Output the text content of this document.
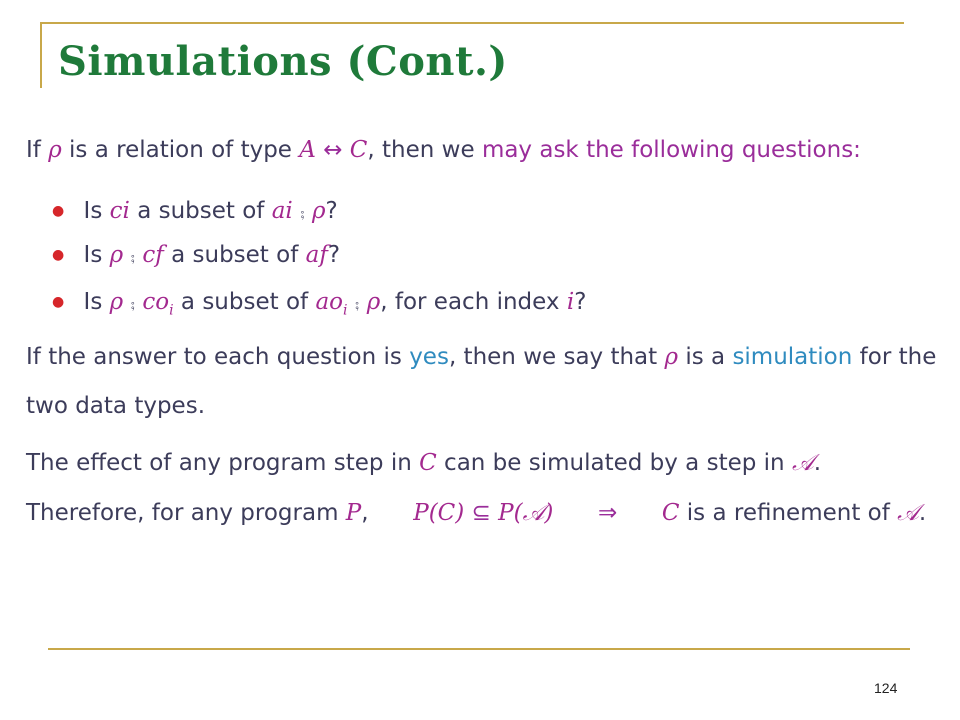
Simulations (Cont.)
If ρ is a relation of type A ↔ C, then we may ask the following questions:
● Is ci a subset of ai ⨾ ρ?
● Is ρ ⨾ cf a subset of af?
● Is ρ ⨾ $co_i$ a subset of $ao_i$ ⨾ ρ, for each index i?
If the answer to each question is yes, then we say that ρ is a simulation for the
two data types.
The effect of any program step in C can be simulated by a step in 𝒜.
Therefore, for any program P, P(C) ⊆ P(𝒜) ⇒ C is a refinement of 𝒜.
124
